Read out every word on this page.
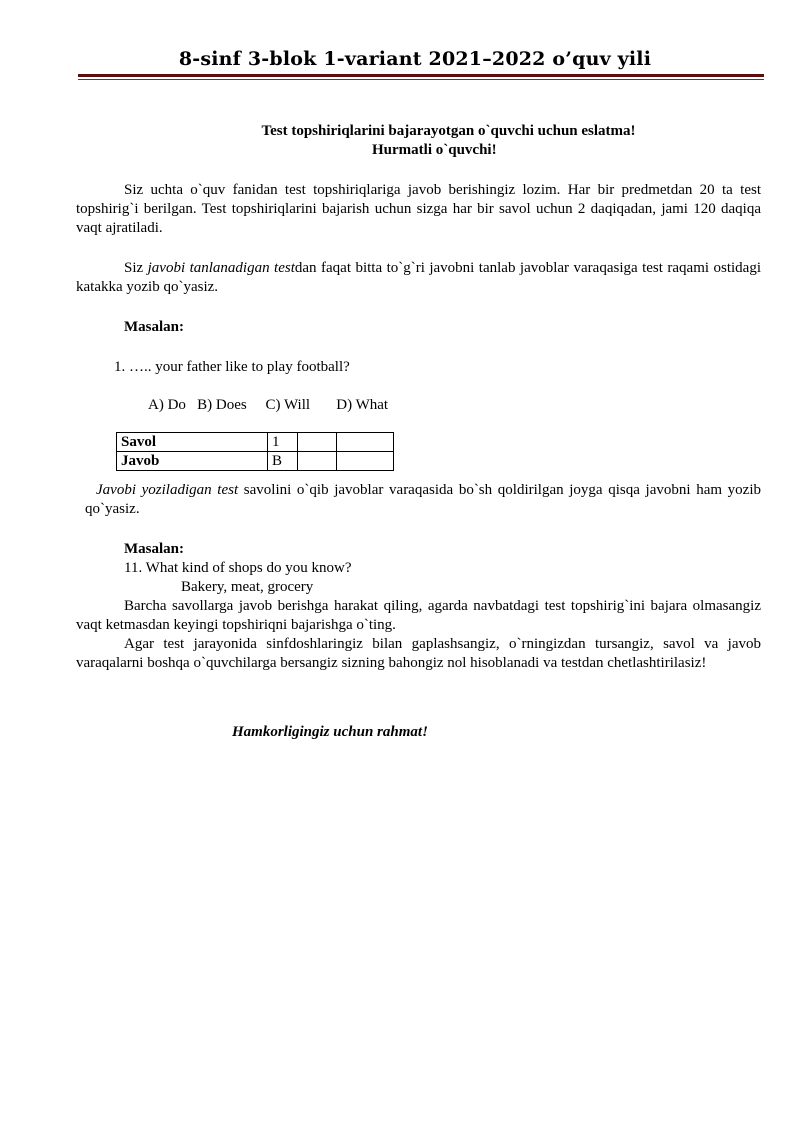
8-sinf 3-blok 1-variant 2021–2022 o’quv yili
Test topshiriqlarini bajarayotgan o`quvchi uchun eslatma!
Hurmatli o`quvchi!

Siz uchta o`quv fanidan test topshiriqlariga javob berishingiz lozim. Har bir predmetdan 20 ta test topshirig`i berilgan. Test topshiriqlarini bajarish uchun sizga har bir savol uchun 2 daqiqadan, jami 120 daqiqa vaqt ajratiladi.

Siz javobi tanlanadigan testdan faqat bitta to`g`ri javobni tanlab javoblar varaqasiga test raqami ostidagi katakka yozib qo`yasiz.

Masalan:
1. ….. your father like to play football?
A) Do B) Does C) Will D) What
Savol	1		
Javob	B		

Javobi yoziladigan test savolini o`qib javoblar varaqasida bo`sh qoldirilgan joyga qisqa javobni ham yozib qo`yasiz.

Masalan:
11. What kind of shops do you know?
Bakery, meat, grocery

Barcha savollarga javob berishga harakat qiling, agarda navbatdagi test topshirig`ini bajara olmasangiz vaqt ketmasdan keyingi topshiriqni bajarishga o`ting.

Agar test jarayonida sinfdoshlaringiz bilan gaplashsangiz, o`rningizdan tursangiz, savol va javob varaqalarni boshqa o`quvchilarga bersangiz sizning bahongiz nol hisoblanadi va testdan chetlashtirilasiz!

Hamkorligingiz uchun rahmat!
